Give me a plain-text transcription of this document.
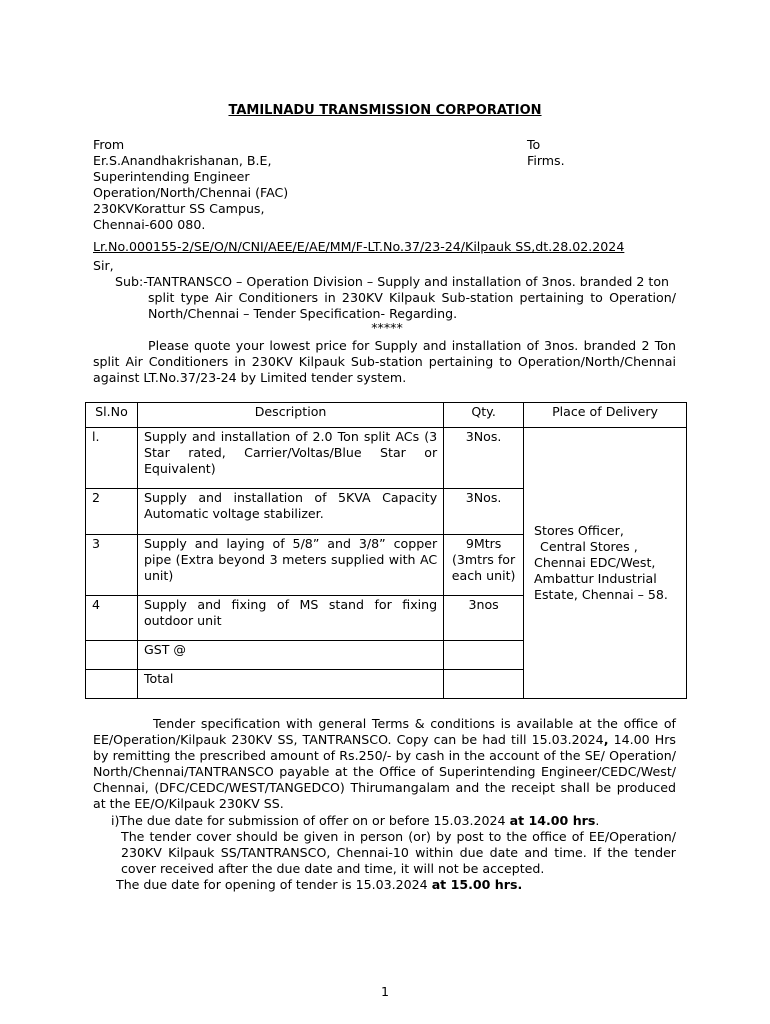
TAMILNADU TRANSMISSION CORPORATION
From
Er.S.Anandhakrishanan, B.E,
Superintending Engineer
Operation/North/Chennai (FAC)
230KVKorattur SS Campus,
Chennai-600 080.
To
Firms.
Lr.No.000155-2/SE/O/N/CNI/AEE/E/AE/MM/F-LT.No.37/23-24/Kilpauk SS,dt.28.02.2024
Sir,
Sub:-TANTRANSCO – Operation Division – Supply and installation of 3nos. branded 2 ton
split type Air Conditioners in 230KV Kilpauk Sub-station pertaining to Operation/ North/Chennai – Tender Specification- Regarding.
*****
Please quote your lowest price for Supply and installation of 3nos. branded 2 Ton split Air Conditioners in 230KV Kilpauk Sub-station pertaining to Operation/North/Chennai against LT.No.37/23-24 by Limited tender system.
Sl.No	Description	Qty.	Place of Delivery
l.	Supply and installation of 2.0 Ton split ACs (3 Star rated, Carrier/Voltas/Blue Star or Equivalent)	3Nos.	Stores Officer,
Central Stores ,
Chennai EDC/West,
Ambattur Industrial
Estate, Chennai – 58.

2	Supply and installation of 5KVA Capacity Automatic voltage stabilizer.	3Nos.	
3	Supply and laying of 5/8” and 3/8” copper pipe (Extra beyond 3 meters supplied with AC unit)	9Mtrs (3mtrs for each unit)	
4	Supply and fixing of MS stand for fixing outdoor unit	3nos	
	GST @		
	Total		
Tender specification with general Terms & conditions is available at the office of EE/Operation/Kilpauk 230KV SS, TANTRANSCO. Copy can be had till 15.03.2024, 14.00 Hrs by remitting the prescribed amount of Rs.250/- by cash in the account of the SE/ Operation/ North/Chennai/TANTRANSCO payable at the Office of Superintending Engineer/CEDC/West/ Chennai, (DFC/CEDC/WEST/TANGEDCO) Thirumangalam and the receipt shall be produced at the EE/O/Kilpauk 230KV SS.
i)The due date for submission of offer on or before 15.03.2024 at 14.00 hrs.
The tender cover should be given in person (or) by post to the office of EE/Operation/ 230KV Kilpauk SS/TANTRANSCO, Chennai-10 within due date and time. If the tender cover received after the due date and time, it will not be accepted.
The due date for opening of tender is 15.03.2024 at 15.00 hrs.
1
